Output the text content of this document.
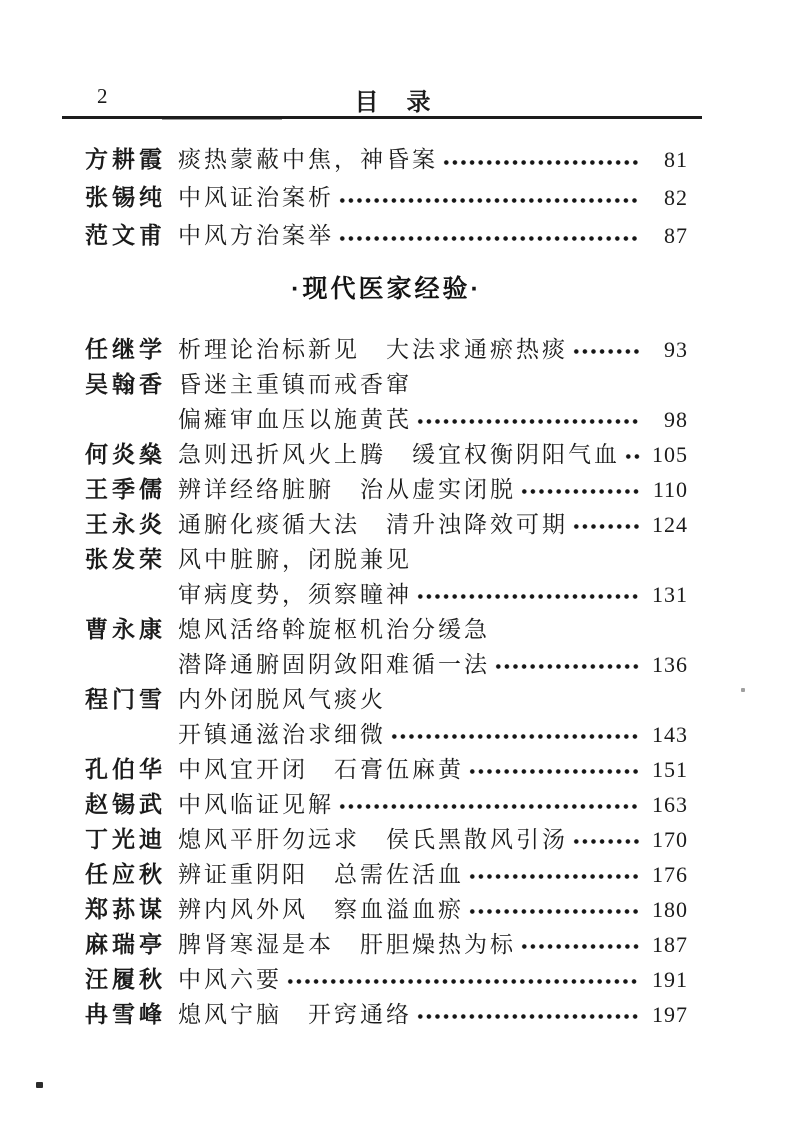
2	目　录
方耕霞 痰热蒙蔽中焦，神昏案	81
张锡纯 中风证治案析	82
范文甫 中风方治案举	87
·现代医家经验·
任继学 析理论治标新见　大法求通瘀热痰	93
吴翰香 昏迷主重镇而戒香窜
偏瘫审血压以施黄芪	98
何炎燊 急则迅折风火上腾　缓宜权衡阴阳气血 105
王季儒 辨详经络脏腑　治从虚实闭脱	110
王永炎 通腑化痰循大法　清升浊降效可期	124
张发荣 风中脏腑，闭脱兼见
审病度势，须察瞳神	131
曹永康 熄风活络斡旋枢机治分缓急
潜降通腑固阴敛阳难循一法	136
程门雪 内外闭脱风气痰火
开镇通滋治求细微	143
孔伯华 中风宜开闭　石膏伍麻黄	151
赵锡武 中风临证见解	163
丁光迪 熄风平肝勿远求　侯氏黑散风引汤	170
任应秋 辨证重阴阳　总需佐活血	176
郑荪谋 辨内风外风　察血溢血瘀	180
麻瑞亭 脾肾寒湿是本　肝胆燥热为标	187
汪履秋 中风六要	191
冉雪峰 熄风宁脑　开窍通络	197
